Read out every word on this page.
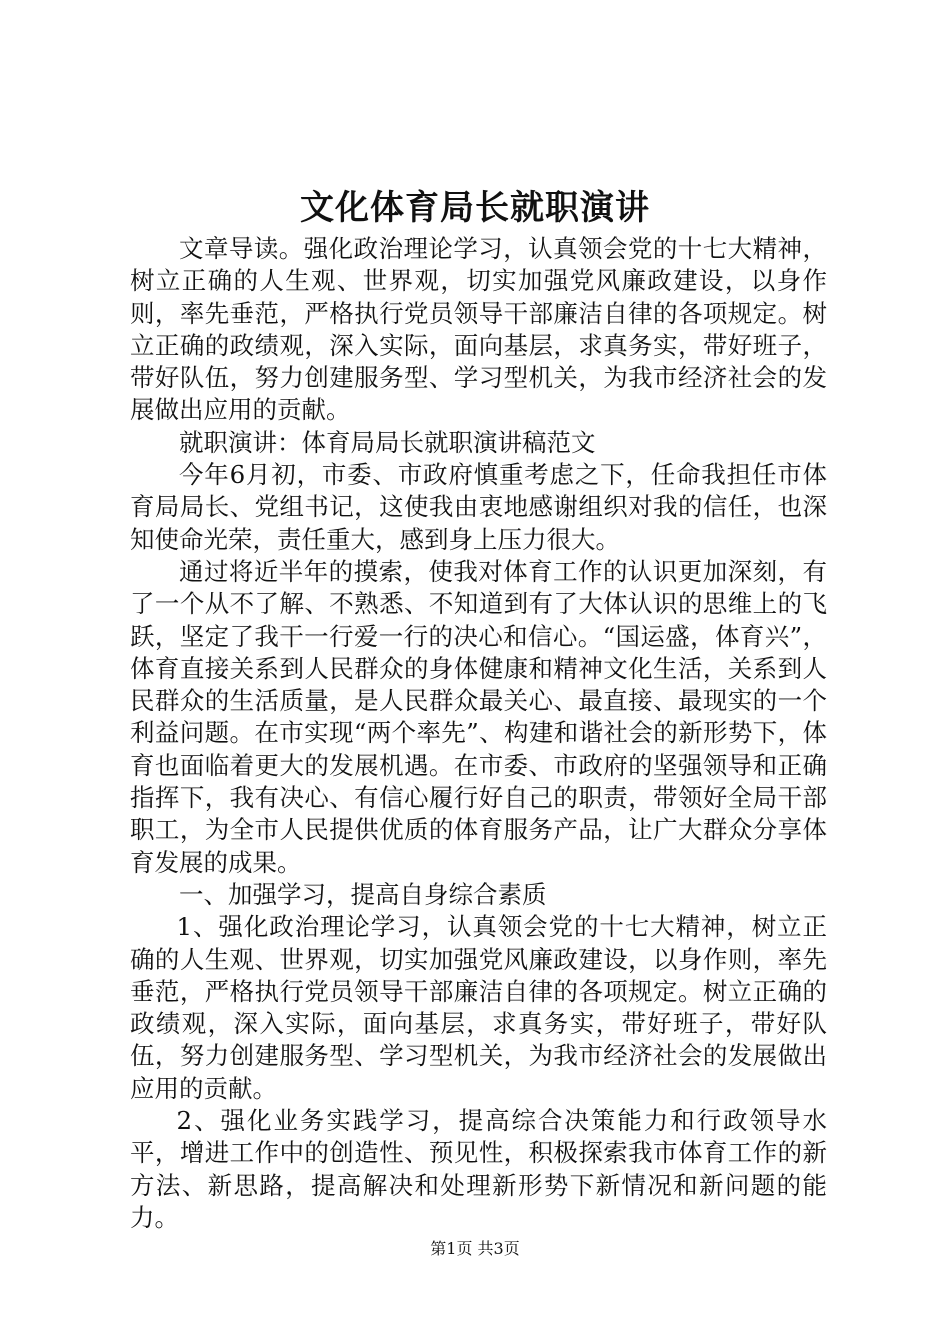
文化体育局长就职演讲

文章导读。强化政治理论学习，认真领会党的十七大精神，树立正确的人生观、世界观，切实加强党风廉政建设，以身作则，率先垂范，严格执行党员领导干部廉洁自律的各项规定。树立正确的政绩观，深入实际，面向基层，求真务实，带好班子，带好队伍，努力创建服务型、学习型机关，为我市经济社会的发展做出应用的贡献。

就职演讲：体育局局长就职演讲稿范文

今年6月初，市委、市政府慎重考虑之下，任命我担任市体育局局长、党组书记，这使我由衷地感谢组织对我的信任，也深知使命光荣，责任重大，感到身上压力很大。

通过将近半年的摸索，使我对体育工作的认识更加深刻，有了一个从不了解、不熟悉、不知道到有了大体认识的思维上的飞跃，坚定了我干一行爱一行的决心和信心。“国运盛，体育兴”，体育直接关系到人民群众的身体健康和精神文化生活，关系到人民群众的生活质量，是人民群众最关心、最直接、最现实的一个利益问题。在市实现“两个率先”、构建和谐社会的新形势下，体育也面临着更大的发展机遇。在市委、市政府的坚强领导和正确指挥下，我有决心、有信心履行好自己的职责，带领好全局干部职工，为全市人民提供优质的体育服务产品，让广大群众分享体育发展的成果。

一、加强学习，提高自身综合素质

1、强化政治理论学习，认真领会党的十七大精神，树立正确的人生观、世界观，切实加强党风廉政建设，以身作则，率先垂范，严格执行党员领导干部廉洁自律的各项规定。树立正确的政绩观，深入实际，面向基层，求真务实，带好班子，带好队伍，努力创建服务型、学习型机关，为我市经济社会的发展做出应用的贡献。

2、强化业务实践学习，提高综合决策能力和行政领导水平，增进工作中的创造性、预见性，积极探索我市体育工作的新方法、新思路，提高解决和处理新形势下新情况和新问题的能力。

第1页 共3页
